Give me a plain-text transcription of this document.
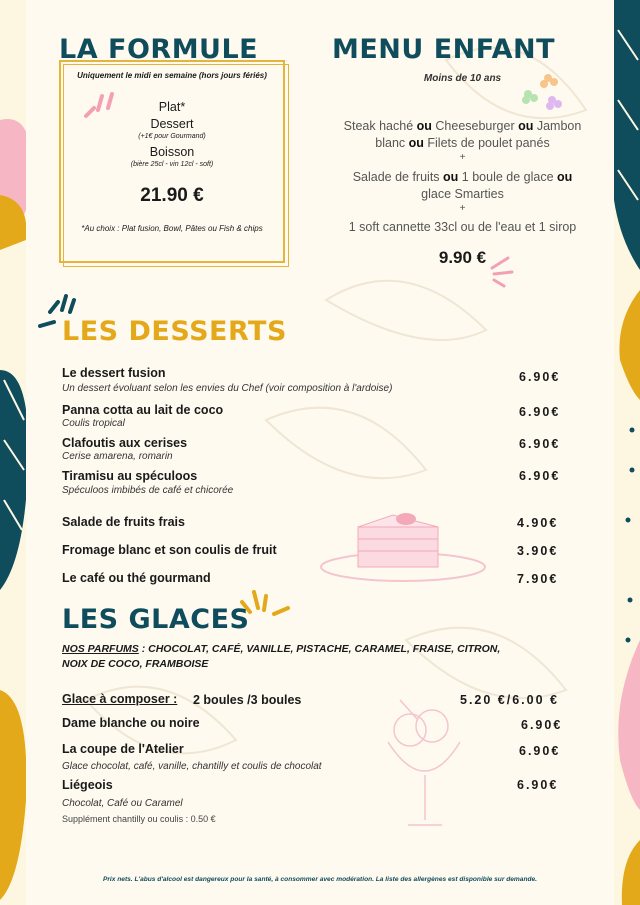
LA FORMULE
Uniquement le midi en semaine (hors jours fériés)
Plat*
Dessert
(+1€ pour Gourmand)
Boisson
(bière 25cl - vin 12cl - soft)
21.90 €
*Au choix : Plat fusion, Bowl, Pâtes ou Fish & chips
MENU ENFANT
Moins de 10 ans
Steak haché ou Cheeseburger ou Jambon
blanc ou Filets de poulet panés
+
Salade de fruits ou 1 boule de glace ou
glace Smarties
+
1 soft cannette 33cl ou de l'eau et 1 sirop
9.90 €
LES DESSERTS
Le dessert fusion
Un dessert évoluant selon les envies du Chef (voir composition à l'ardoise)
6.90€
Panna cotta au lait de coco
Coulis tropical
6.90€
Clafoutis aux cerises
Cerise amarena, romarin
6.90€
Tiramisu au spéculoos
Spéculoos imbibés de café et chicorée
6.90€
Salade de fruits frais	4.90€
Fromage blanc et son coulis de fruit	3.90€
Le café ou thé gourmand	7.90€
LES GLACES
NOS PARFUMS : CHOCOLAT, CAFÉ, VANILLE, PISTACHE, CARAMEL, FRAISE, CITRON,
NOIX DE COCO, FRAMBOISE
Glace à composer : 2 boules /3 boules	5.20 €/6.00 €
Dame blanche ou noire	6.90€
La coupe de l'Atelier
Glace chocolat, café, vanille, chantilly et coulis de chocolat
6.90€
Liégeois
Chocolat, Café ou Caramel
6.90€
Supplément chantilly ou coulis : 0.50 €
Prix nets. L'abus d'alcool est dangereux pour la santé, à consommer avec modération. La liste des allergènes est disponible sur demande.
